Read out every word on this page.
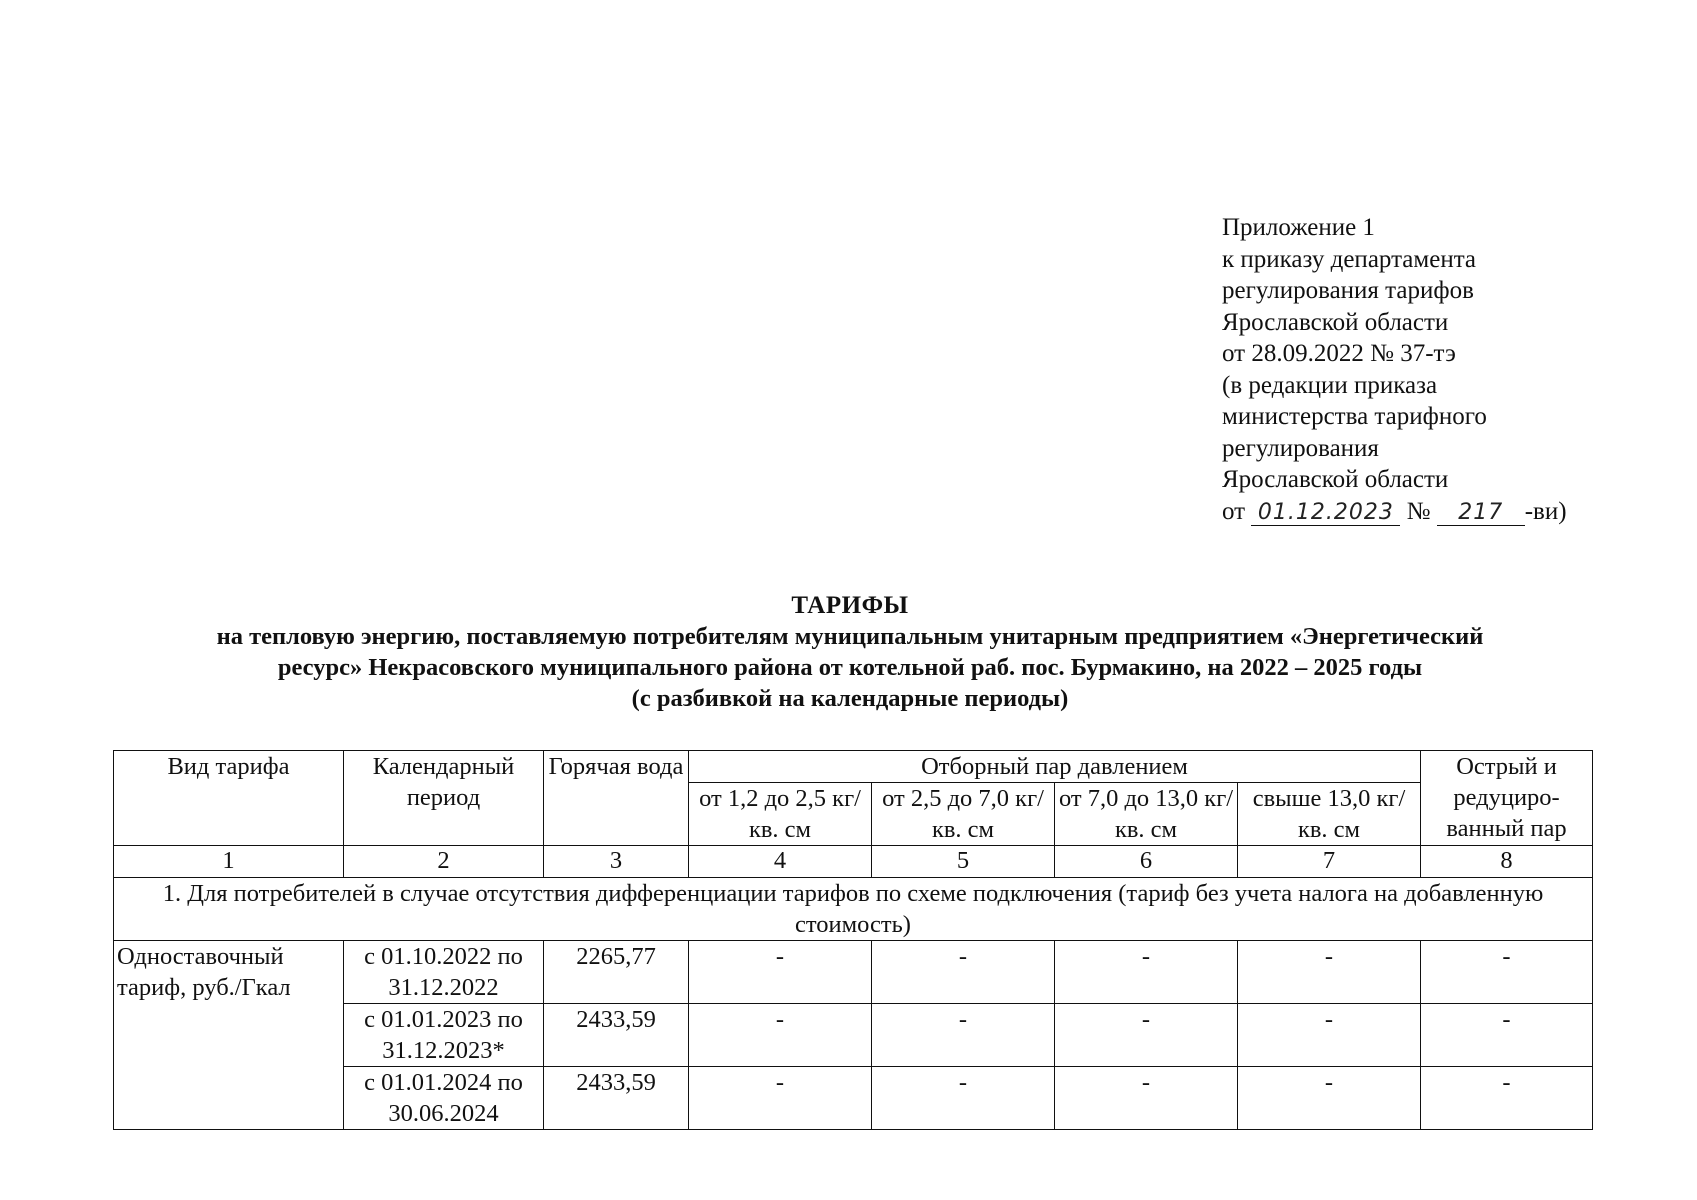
Приложение 1
к приказу департамента
регулирования тарифов
Ярославской области
от 28.09.2022 № 37-тэ
(в редакции приказа
министерства тарифного
регулирования
Ярославской области
от 01.12.2023 № 217 -ви)
ТАРИФЫ
на тепловую энергию, поставляемую потребителям муниципальным унитарным предприятием «Энергетический
ресурс» Некрасовского муниципального района от котельной раб. пос. Бурмакино, на 2022 – 2025 годы
(с разбивкой на календарные периоды)
Вид тарифа	Календарный период	Горячая вода	Отборный пар давлением				Острый и редуциро-ванный пар
			от 1,2 до 2,5 кг/ кв. см	от 2,5 до 7,0 кг/ кв. см	от 7,0 до 13,0 кг/ кв. см	свыше 13,0 кг/ кв. см	
1	2	3	4	5	6	7	8
1. Для потребителей в случае отсутствия дифференциации тарифов по схеме подключения (тариф без учета налога на добавленную стоимость)							
Одноставочный тариф, руб./Гкал	с 01.10.2022 по 31.12.2022	2265,77	-	-	-	-	-
	с 01.01.2023 по 31.12.2023*	2433,59	-	-	-	-	-
	с 01.01.2024 по 30.06.2024	2433,59	-	-	-	-	-
